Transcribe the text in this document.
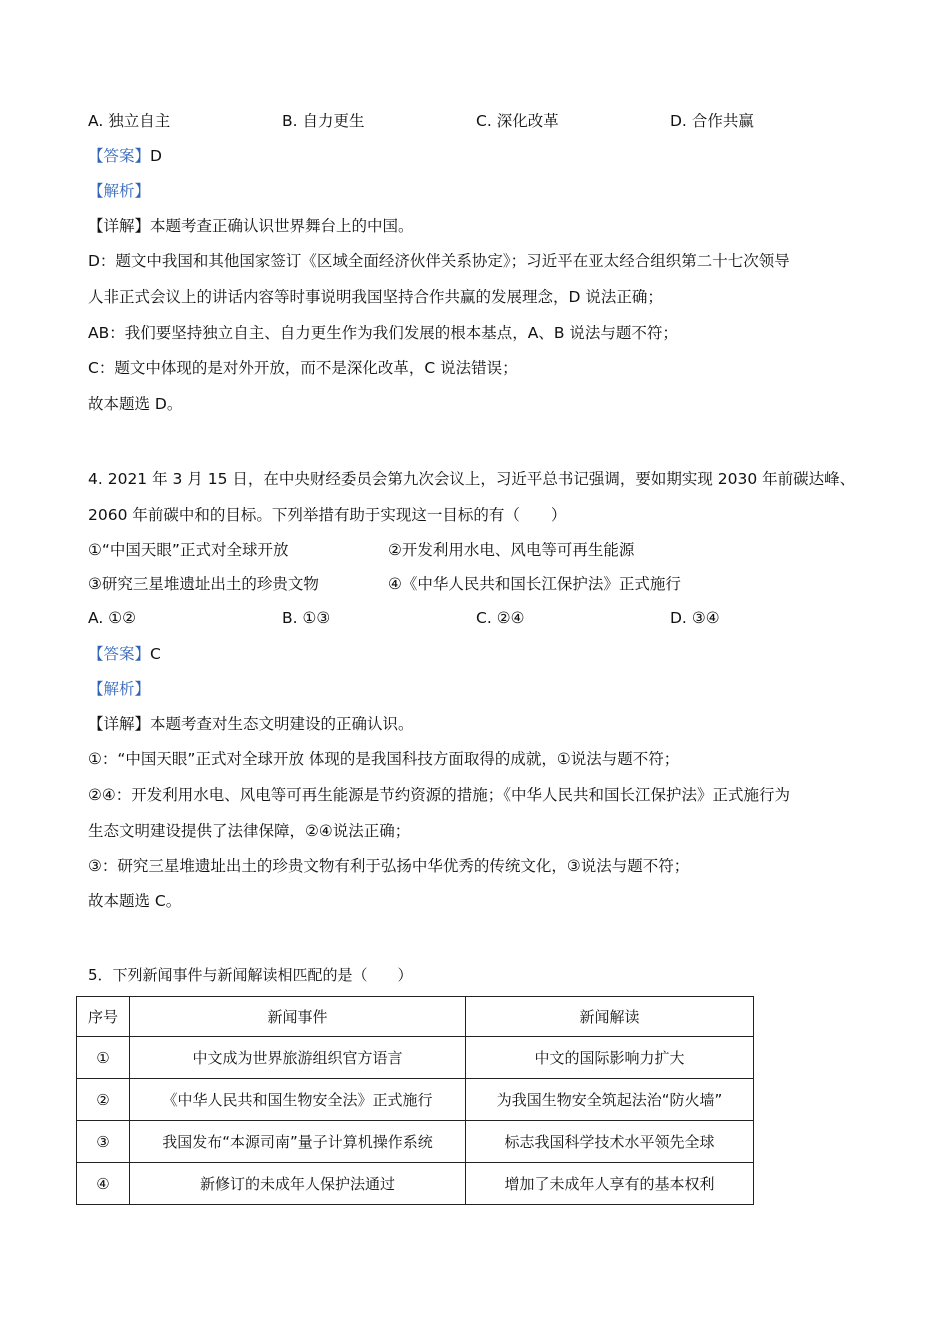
A. 独立自主	B. 自力更生	C. 深化改革	D. 合作共赢
【答案】D
【解析】
【详解】本题考查正确认识世界舞台上的中国。
D：题文中我国和其他国家签订《区域全面经济伙伴关系协定》；习近平在亚太经合组织第二十七次领导
人非正式会议上的讲话内容等时事说明我国坚持合作共赢的发展理念，D 说法正确；
AB：我们要坚持独立自主、自力更生作为我们发展的根本基点，A、B 说法与题不符；
C：题文中体现的是对外开放，而不是深化改革，C 说法错误；
故本题选 D。
4. 2021 年 3 月 15 日，在中央财经委员会第九次会议上，习近平总书记强调，要如期实现 2030 年前碳达峰、
2060 年前碳中和的目标。下列举措有助于实现这一目标的有（　　）
①“中国天眼”正式对全球开放	②开发利用水电、风电等可再生能源
③研究三星堆遗址出土的珍贵文物	④《中华人民共和国长江保护法》正式施行
A. ①②	B. ①③	C. ②④	D. ③④
【答案】C
【解析】
【详解】本题考查对生态文明建设的正确认识。
①：“中国天眼”正式对全球开放 体现的是我国科技方面取得的成就，①说法与题不符；
②④：开发利用水电、风电等可再生能源是节约资源的措施；《中华人民共和国长江保护法》正式施行为
生态文明建设提供了法律保障，②④说法正确；
③：研究三星堆遗址出土的珍贵文物有利于弘扬中华优秀的传统文化，③说法与题不符；
故本题选 C。
5．下列新闻事件与新闻解读相匹配的是（　　）
序号	新闻事件	新闻解读
①	中文成为世界旅游组织官方语言	中文的国际影响力扩大
②	《中华人民共和国生物安全法》正式施行	为我国生物安全筑起法治“防火墙”
③	我国发布“本源司南”量子计算机操作系统	标志我国科学技术水平领先全球
④	新修订的未成年人保护法通过	增加了未成年人享有的基本权利
